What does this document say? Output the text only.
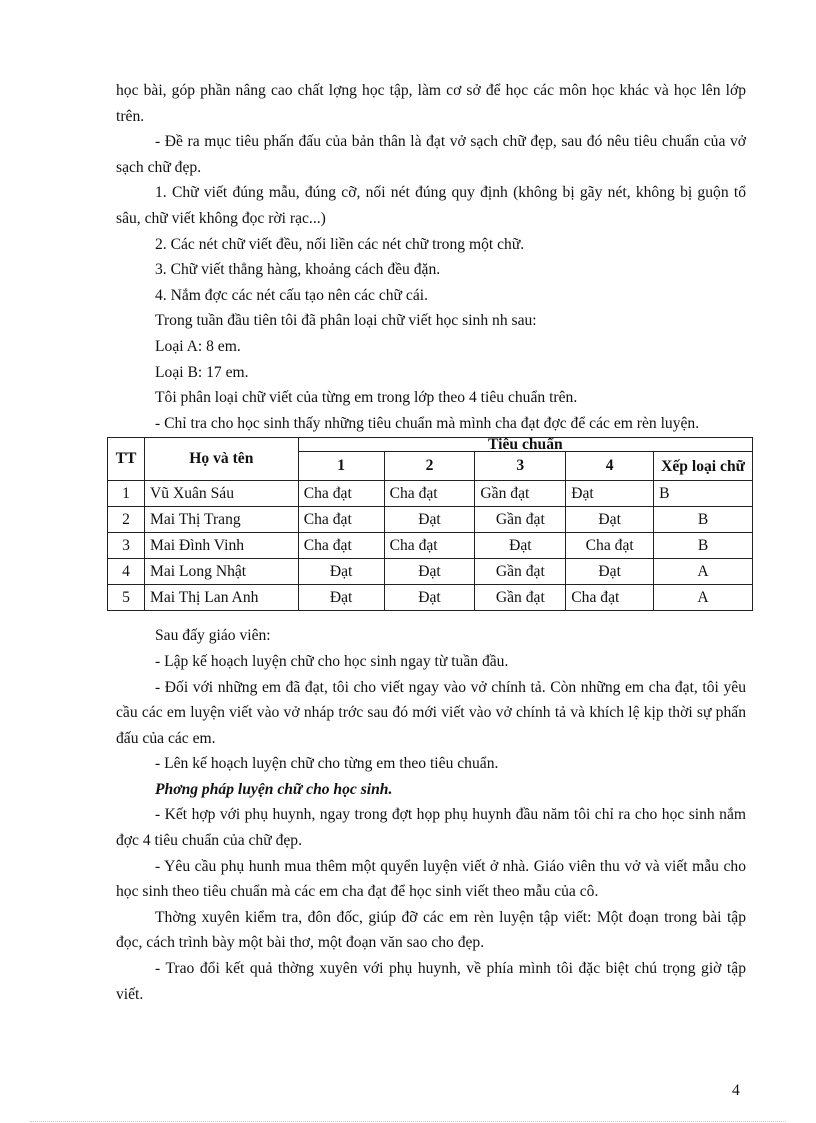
học bài, góp phần nâng cao chất lợng học tập, làm cơ sở để học các môn học khác và học lên lớp trên.

- Đề ra mục tiêu phấn đấu của bản thân là đạt vở sạch chữ đẹp, sau đó nêu tiêu chuẩn của vở sạch chữ đẹp.

1. Chữ viết đúng mẫu, đúng cỡ, nối nét đúng quy định (không bị gãy nét, không bị guộn tổ sâu, chữ viết không đọc rời rạc...)

2. Các nét chữ viết đều, nối liền các nét chữ trong một chữ.

3. Chữ viết thẳng hàng, khoảng cách đều đặn.

4. Nắm đợc các nét cấu tạo nên các chữ cái.

Trong tuần đầu tiên tôi đã phân loại chữ viết học sinh nh sau:

Loại A: 8 em.

Loại B: 17 em.

Tôi phân loại chữ viết của từng em trong lớp theo 4 tiêu chuẩn trên.

- Chỉ tra cho học sinh thấy những tiêu chuẩn mà mình cha đạt đợc để các em rèn luyện.

TT	Họ và tên	Tiêu chuẩn				
		1	2	3	4	Xếp loại chữ
1	Vũ Xuân Sáu	Cha đạt	Cha đạt	Gần đạt	Đạt	B
2	Mai Thị Trang	Cha đạt	Đạt	Gần đạt	Đạt	B
3	Mai Đình Vinh	Cha đạt	Cha đạt	Đạt	Cha đạt	B
4	Mai Long Nhật	Đạt	Đạt	Gần đạt	Đạt	A
5	Mai Thị Lan Anh	Đạt	Đạt	Gần đạt	Cha đạt	A

Sau đấy giáo viên:

- Lập kế hoạch luyện chữ cho học sinh ngay từ tuần đầu.

- Đối với những em đã đạt, tôi cho viết ngay vào vở chính tả. Còn những em cha đạt, tôi yêu cầu các em luyện viết vào vở nháp trớc sau đó mới viết vào vở chính tả và khích lệ kịp thời sự phấn đấu của các em.

- Lên kế hoạch luyện chữ cho từng em theo tiêu chuẩn.

Phơng pháp luyện chữ cho học sinh.

- Kết hợp với phụ huynh, ngay trong đợt họp phụ huynh đầu năm tôi chỉ ra cho học sinh nắm đợc 4 tiêu chuẩn của chữ đẹp.

- Yêu cầu phụ hunh mua thêm một quyển luyện viết ở nhà. Giáo viên thu vở và viết mẫu cho học sinh theo tiêu chuẩn mà các em cha đạt để học sinh viết theo mẫu của cô.

Thờng xuyên kiểm tra, đôn đốc, giúp đỡ các em rèn luyện tập viết: Một đoạn trong bài tập đọc, cách trình bày một bài thơ, một đoạn văn sao cho đẹp.

- Trao đổi kết quả thờng xuyên với phụ huynh, về phía mình tôi đặc biệt chú trọng giờ tập viết.

4
